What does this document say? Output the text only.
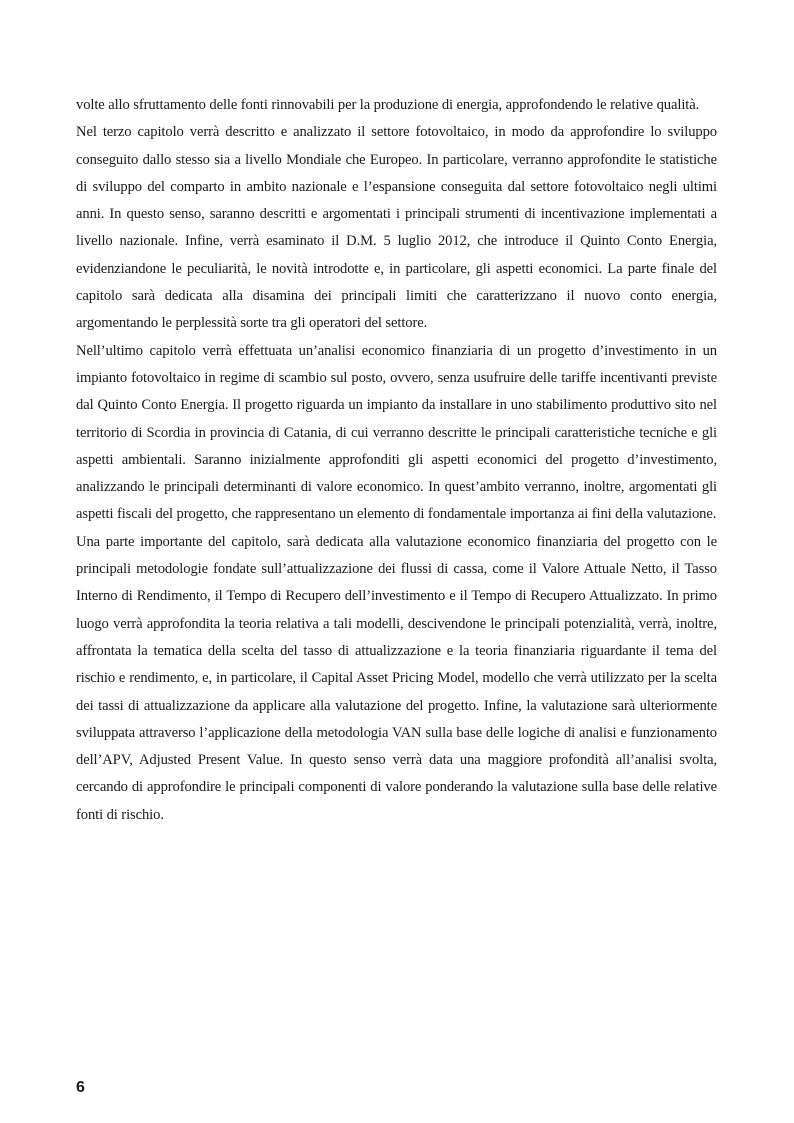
volte allo sfruttamento delle fonti rinnovabili per la produzione di energia, approfondendo le relative qualità.

Nel terzo capitolo verrà descritto e analizzato il settore fotovoltaico, in modo da approfondire lo sviluppo conseguito dallo stesso sia a livello Mondiale che Europeo. In particolare, verranno approfondite le statistiche di sviluppo del comparto in ambito nazionale e l’espansione conseguita dal settore fotovoltaico negli ultimi anni. In questo senso, saranno descritti e argomentati i principali strumenti di incentivazione implementati a livello nazionale. Infine, verrà esaminato il D.M. 5 luglio 2012, che introduce il Quinto Conto Energia, evidenziandone le peculiarità, le novità introdotte e, in particolare, gli aspetti economici. La parte finale del capitolo sarà dedicata alla disamina dei principali limiti che caratterizzano il nuovo conto energia, argomentando le perplessità sorte tra gli operatori del settore.

Nell’ultimo capitolo verrà effettuata un’analisi economico finanziaria di un progetto d’investimento in un impianto fotovoltaico in regime di scambio sul posto, ovvero, senza usufruire delle tariffe incentivanti previste dal Quinto Conto Energia. Il progetto riguarda un impianto da installare in uno stabilimento produttivo sito nel territorio di Scordia in provincia di Catania, di cui verranno descritte le principali caratteristiche tecniche e gli aspetti ambientali. Saranno inizialmente approfonditi gli aspetti economici del progetto d’investimento, analizzando le principali determinanti di valore economico. In quest’ambito verranno, inoltre, argomentati gli aspetti fiscali del progetto, che rappresentano un elemento di fondamentale importanza ai fini della valutazione.

Una parte importante del capitolo, sarà dedicata alla valutazione economico finanziaria del progetto con le principali metodologie fondate sull’attualizzazione dei flussi di cassa, come il Valore Attuale Netto, il Tasso Interno di Rendimento, il Tempo di Recupero dell’investimento e il Tempo di Recupero Attualizzato. In primo luogo verrà approfondita la teoria relativa a tali modelli, descivendone le principali potenzialità, verrà, inoltre, affrontata la tematica della scelta del tasso di attualizzazione e la teoria finanziaria riguardante il tema del rischio e rendimento, e, in particolare, il Capital Asset Pricing Model, modello che verrà utilizzato per la scelta dei tassi di attualizzazione da applicare alla valutazione del progetto. Infine, la valutazione sarà ulteriormente sviluppata attraverso l’applicazione della metodologia VAN sulla base delle logiche di analisi e funzionamento dell’APV, Adjusted Present Value. In questo senso verrà data una maggiore profondità all’analisi svolta, cercando di approfondire le principali componenti di valore ponderando la valutazione sulla base delle relative fonti di rischio.

6
